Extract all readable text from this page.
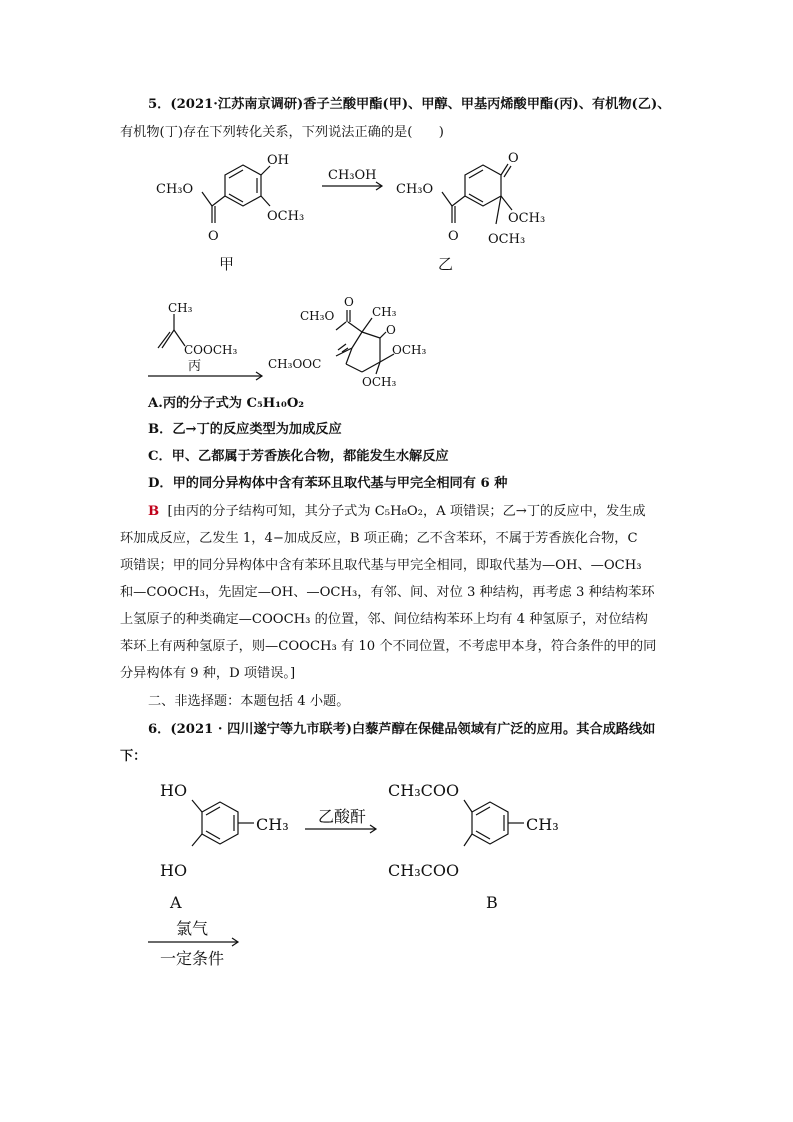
5．(2021·江苏南京调研)香子兰酸甲酯(甲)、甲醇、甲基丙烯酸甲酯(丙)、有机物(乙)、
有机物(丁)存在下列转化关系，下列说法正确的是(　　)
CH₃O
OH
OCH₃
O
甲
CH₃OH
CH₃O
O
OCH₃
OCH₃
O
乙
CH₃
COOCH₃
丙
CH₃O
O
CH₃
O
CH₃OOC
OCH₃
OCH₃
A.丙的分子式为 C₅H₁₀O₂
B．乙→丁的反应类型为加成反应
C．甲、乙都属于芳香族化合物，都能发生水解反应
D．甲的同分异构体中含有苯环且取代基与甲完全相同有 6 种
B [由丙的分子结构可知，其分子式为 C₅H₈O₂，A 项错误；乙→丁的反应中，发生成
环加成反应，乙发生 1，4−加成反应，B 项正确；乙不含苯环，不属于芳香族化合物，C
项错误；甲的同分异构体中含有苯环且取代基与甲完全相同，即取代基为—OH、—OCH₃
和—COOCH₃，先固定—OH、—OCH₃，有邻、间、对位 3 种结构，再考虑 3 种结构苯环
上氢原子的种类确定—COOCH₃ 的位置，邻、间位结构苯环上均有 4 种氢原子，对位结构
苯环上有两种氢原子，则—COOCH₃ 有 10 个不同位置，不考虑甲本身，符合条件的甲的同
分异构体有 9 种，D 项错误。]
二、非选择题：本题包括 4 小题。
6．(2021 · 四川遂宁等九市联考)白藜芦醇在保健品领域有广泛的应用。其合成路线如
下：
HO
HO
CH₃
A
乙酸酐
CH₃COO
CH₃COO
CH₃
B
氯气
一定条件
